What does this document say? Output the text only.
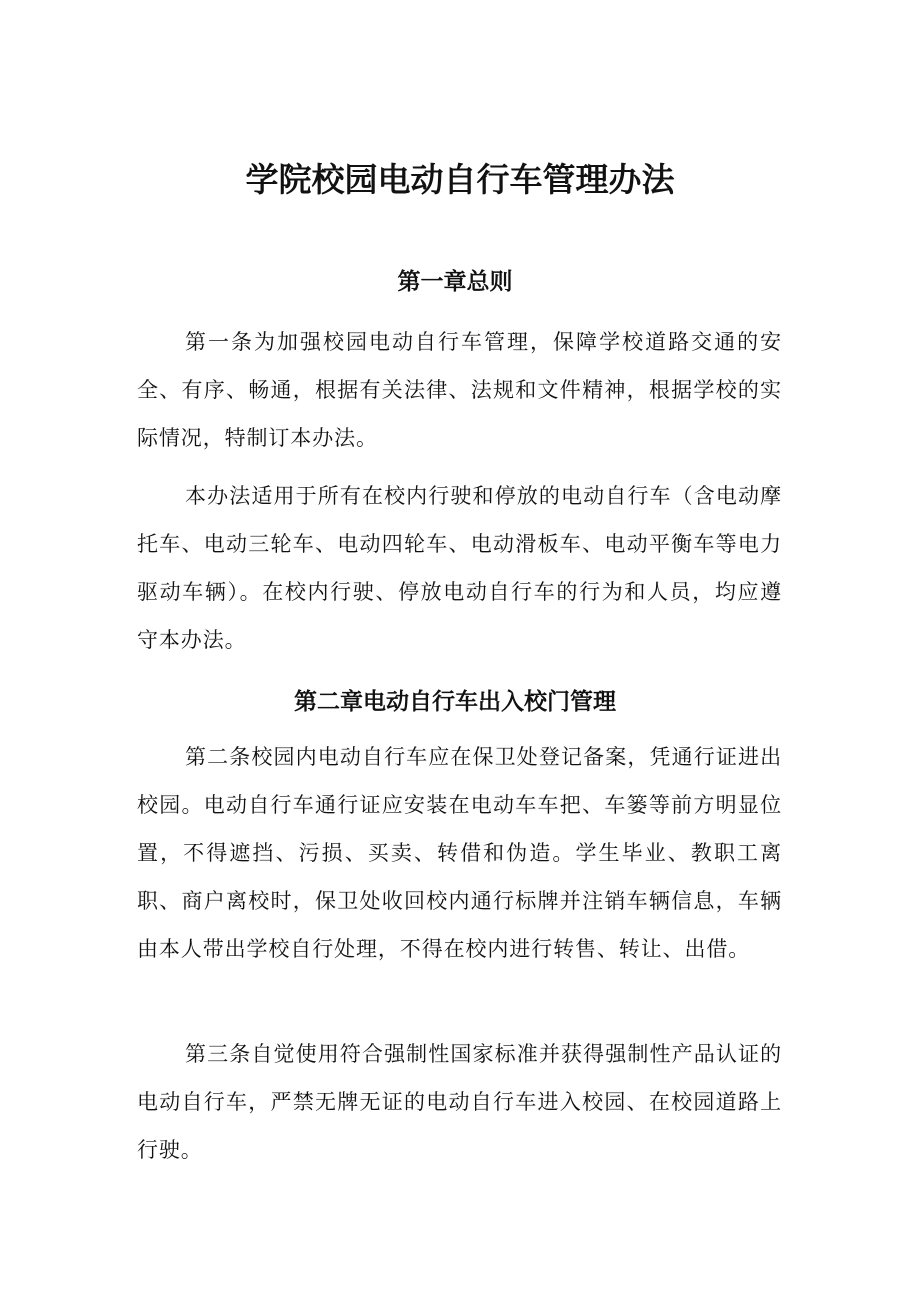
学院校园电动自行车管理办法
第一章总则

第一条为加强校园电动自行车管理，保障学校道路交通的安全、有序、畅通，根据有关法律、法规和文件精神，根据学校的实际情况，特制订本办法。

本办法适用于所有在校内行驶和停放的电动自行车（含电动摩托车、电动三轮车、电动四轮车、电动滑板车、电动平衡车等电力驱动车辆）。在校内行驶、停放电动自行车的行为和人员，均应遵守本办法。

第二章电动自行车出入校门管理

第二条校园内电动自行车应在保卫处登记备案，凭通行证进出校园。电动自行车通行证应安装在电动车车把、车篓等前方明显位置，不得遮挡、污损、买卖、转借和伪造。学生毕业、教职工离职、商户离校时，保卫处收回校内通行标牌并注销车辆信息，车辆由本人带出学校自行处理，不得在校内进行转售、转让、出借。

第三条自觉使用符合强制性国家标准并获得强制性产品认证的电动自行车，严禁无牌无证的电动自行车进入校园、在校园道路上行驶。
